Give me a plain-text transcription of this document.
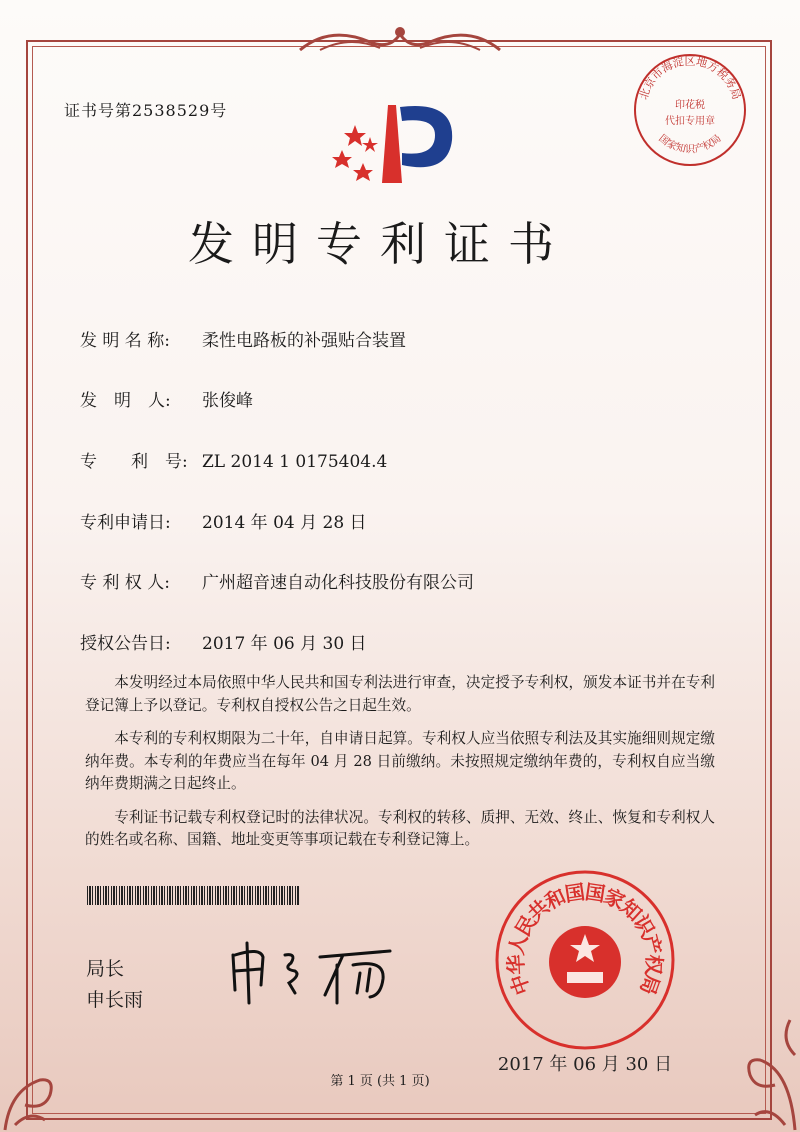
证书号第2538529号
北京市海淀区地方税务局
国家知识产权局
印花税
代扣专用章
发明专利证书
发 明 名 称: 柔性电路板的补强贴合装置
发　明　人: 张俊峰
专　　利　号: ZL 2014 1 0175404.4
专利申请日: 2014 年 04 月 28 日
专 利 权 人: 广州超音速自动化科技股份有限公司
授权公告日: 2017 年 06 月 30 日

本发明经过本局依照中华人民共和国专利法进行审查，决定授予专利权，颁发本证书并在专利登记簿上予以登记。专利权自授权公告之日起生效。

本专利的专利权期限为二十年，自申请日起算。专利权人应当依照专利法及其实施细则规定缴纳年费。本专利的年费应当在每年 04 月 28 日前缴纳。未按照规定缴纳年费的，专利权自应当缴纳年费期满之日起终止。

专利证书记载专利权登记时的法律状况。专利权的转移、质押、无效、终止、恢复和专利权人的姓名或名称、国籍、地址变更等事项记载在专利登记簿上。

局长
申长雨
中华人民共和国国家知识产权局
2017 年 06 月 30 日
第 1 页 (共 1 页)
